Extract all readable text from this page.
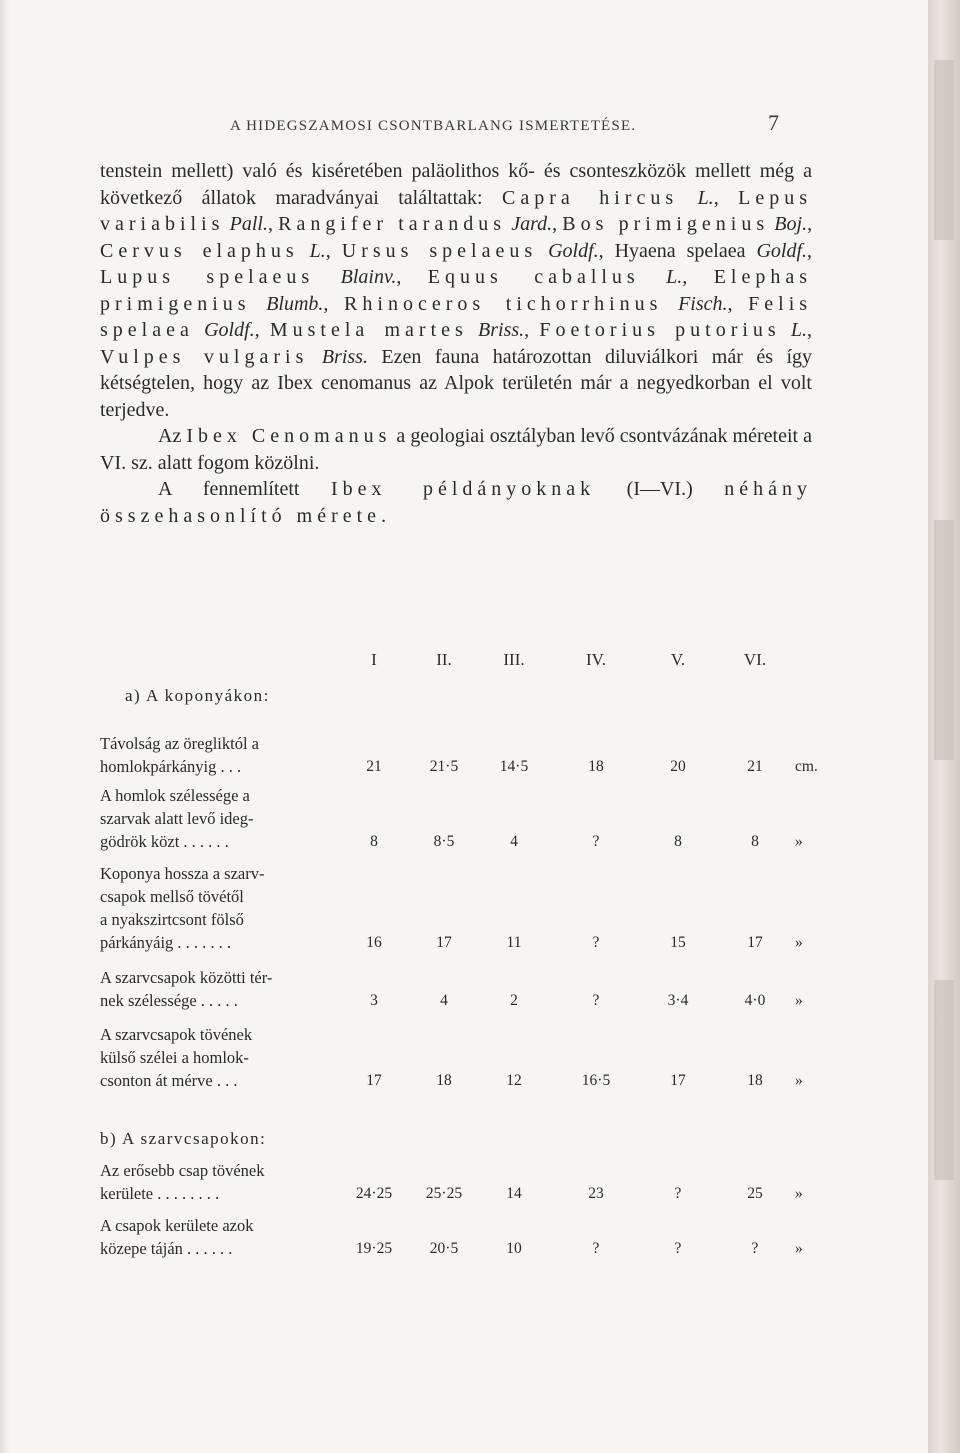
A HIDEGSZAMOSI CSONTBARLANG ISMERTETÉSE.	7

tenstein mellett) való és kiséretében paläolithos kő- és csonteszközök mellett még a következő állatok maradványai találtattak: Capra hircus L., Lepus variabilis Pall., Rangifer tarandus Jard., Bos primigenius Boj., Cervus elaphus L., Ursus spelaeus Goldf., Hyaena spelaea Goldf., Lupus spelaeus Blainv., Equus caballus L., Elephas primigenius Blumb., Rhinoceros tichorrhinus Fisch., Felis spelaea Goldf., Mustela martes Briss., Foetorius putorius L., Vulpes vulgaris Briss. Ezen fauna határozottan diluviálkori már és így kétségtelen, hogy az Ibex cenomanus az Alpok területén már a negyedkorban el volt terjedve.

Az Ibex Cenomanus a geologiai osztályban levő csontvázának méreteit a VI. sz. alatt fogom közölni.

A fennemlített Ibex példányoknak (I—VI.) néhány összehasonlító mérete.

I	II.	III.	IV.	V.	VI.
a) A koponyákon:
b) A szarvcsapokon:
Távolság az öregliktól a
homlokpárkányig . . .	21	21·5	14·5	18	20	21	cm.
A homlok szélessége a
szarvak alatt levő ideg-
gödrök közt . . . . . .	8	8·5	4	?	8	8	»
Koponya hossza a szarv-
csapok mellső tövétől
a nyakszirtcsont fölső
párkányáig . . . . . . .	16	17	11	?	15	17	»
A szarvcsapok közötti tér-
nek szélessége . . . . .	3	4	2	?	3·4	4·0	»
A szarvcsapok tövének
külső szélei a homlok-
csonton át mérve . . .	17	18	12	16·5	17	18	»
Az erősebb csap tövének
kerülete . . . . . . . .	24·25	25·25	14	23	?	25	»
A csapok kerülete azok
közepe táján . . . . . .	19·25	20·5	10	?	?	?	»
